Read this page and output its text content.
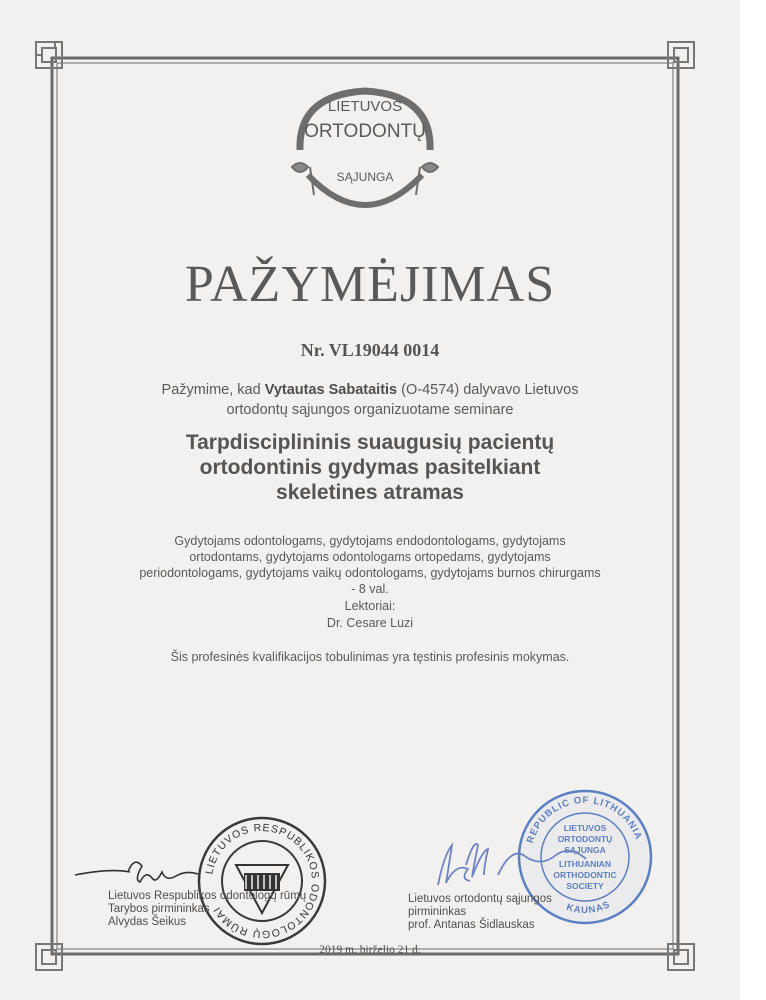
LIETUVOS
ORTODONTŲ
SĄJUNGA
PAŽYMĖJIMAS
Nr. VL19044 0014
Pažymime, kad Vytautas Sabataitis (O-4574) dalyvavo Lietuvos
ortodontų sąjungos organizuotame seminare
Tarpdisciplininis suaugusių pacientų
ortodontinis gydymas pasitelkiant
skeletines atramas
Gydytojams odontologams, gydytojams endodontologams, gydytojams
ortodontams, gydytojams odontologams ortopedams, gydytojams
periodontologams, gydytojams vaikų odontologams, gydytojams burnos chirurgams
- 8 val.
Lektoriai:
Dr. Cesare Luzi
Šis profesinės kvalifikacijos tobulinimas yra tęstinis profesinis mokymas.
LIETUVOS RESPUBLIKOS ODONTOLOGŲ RŪMAI
Lietuvos Respublikos odontologų rūmų
Tarybos pirmininkas
Alvydas Šeikus
REPUBLIC OF LITHUANIA
KAUNAS
LIETUVOS
ORTODONTŲ
SĄJUNGA
LITHUANIAN
ORTHODONTIC
SOCIETY
Lietuvos ortodontų sąjungos
pirmininkas
prof. Antanas Šidlauskas
2019 m. birželio 21 d.
